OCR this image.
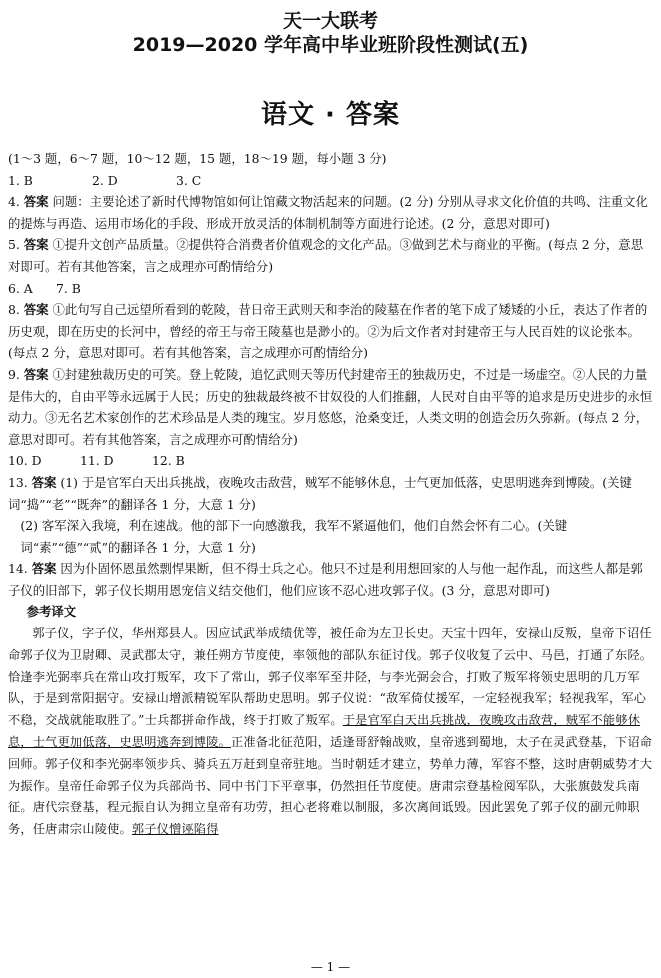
天一大联考
2019—2020 学年高中毕业班阶段性测试(五)
语文 · 答案

(1～3 题，6～7 题，10～12 题，15 题，18～19 题，每小题 3 分)

1. B	2. D	3. C

4. 答案 问题：主要论述了新时代博物馆如何让馆藏文物活起来的问题。(2 分) 分别从寻求文化价值的共鸣、注重文化的提炼与再造、运用市场化的手段、形成开放灵活的体制机制等方面进行论述。(2 分，意思对即可)

5. 答案 ①提升文创产品质量。②提供符合消费者价值观念的文化产品。③做到艺术与商业的平衡。(每点 2 分，意思对即可。若有其他答案，言之成理亦可酌情给分)

6. A 7. B

8. 答案 ①此句写自己远望所看到的乾陵，昔日帝王武则天和李治的陵墓在作者的笔下成了矮矮的小丘，表达了作者的历史观，即在历史的长河中，曾经的帝王与帝王陵墓也是渺小的。②为后文作者对封建帝王与人民百姓的议论张本。(每点 2 分，意思对即可。若有其他答案，言之成理亦可酌情给分)

9. 答案 ①封建独裁历史的可笑。登上乾陵，追忆武则天等历代封建帝王的独裁历史，不过是一场虚空。②人民的力量是伟大的，自由平等永远属于人民；历史的独裁最终被不甘奴役的人们推翻，人民对自由平等的追求是历史进步的永恒动力。③无名艺术家创作的艺术珍品是人类的瑰宝。岁月悠悠，沧桑变迁，人类文明的创造会历久弥新。(每点 2 分，意思对即可。若有其他答案，言之成理亦可酌情给分)

10. D	11. D	12. B

13. 答案 (1) 于是官军白天出兵挑战，夜晚攻击敌营，贼军不能够休息，士气更加低落，史思明逃奔到博陵。(关键词“捣”“老”“既奔”的翻译各 1 分，大意 1 分)

(2) 客军深入我境，利在速战。他的部下一向感激我，我军不紧逼他们，他们自然会怀有二心。(关键词“素”“德”“贰”的翻译各 1 分，大意 1 分)

14. 答案 因为仆固怀恩虽然剽悍果断，但不得士兵之心。他只不过是利用想回家的人与他一起作乱，而这些人都是郭子仪的旧部下，郭子仪长期用恩宠信义结交他们，他们应该不忍心进攻郭子仪。(3 分，意思对即可)

参考译文

郭子仪，字子仪，华州郑县人。因应试武举成绩优等，被任命为左卫长史。天宝十四年，安禄山反叛，皇帝下诏任命郭子仪为卫尉卿、灵武郡太守，兼任朔方节度使，率领他的部队东征讨伐。郭子仪收复了云中、马邑，打通了东陉。恰逢李光弼率兵在常山攻打叛军，攻下了常山，郭子仪率军至井陉，与李光弼会合，打败了叛军将领史思明的几万军队，于是到常阳据守。安禄山增派精锐军队帮助史思明。郭子仪说：“敌军倚仗援军，一定轻视我军；轻视我军，军心不稳，交战就能取胜了。”士兵都拼命作战，终于打败了叛军。于是官军白天出兵挑战，夜晚攻击敌营，贼军不能够休息，士气更加低落，史思明逃奔到博陵。正准备北征范阳，适逢哥舒翰战败，皇帝逃到蜀地，太子在灵武登基，下诏命回师。郭子仪和李光弼率领步兵、骑兵五万赶到皇帝驻地。当时朝廷才建立，势单力薄，军容不整，这时唐朝威势才大为振作。皇帝任命郭子仪为兵部尚书、同中书门下平章事，仍然担任节度使。唐肃宗登基检阅军队，大张旗鼓发兵南征。唐代宗登基，程元振自认为拥立皇帝有功劳，担心老将难以制服，多次离间诋毁。因此罢免了郭子仪的副元帅职务，任唐肃宗山陵使。郭子仪憎诬陷得

— 1 —
